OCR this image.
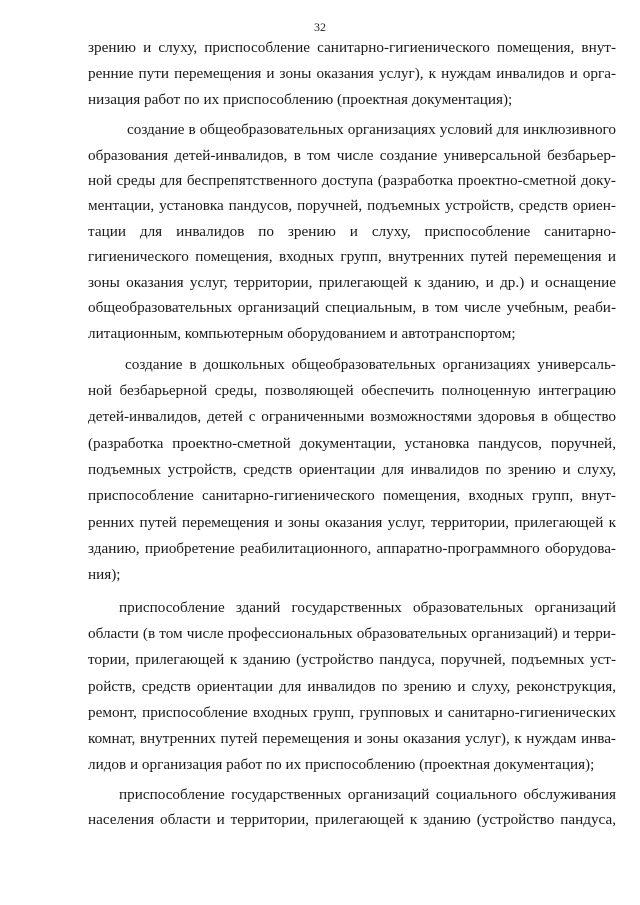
32
зрению и слуху, приспособление санитарно-гигиенического помещения, внут-
ренние пути перемещения и зоны оказания услуг), к нуждам инвалидов и орга-
низация работ по их приспособлению (проектная документация);
создание в общеобразовательных организациях условий для инклюзивного
образования детей-инвалидов, в том числе создание универсальной безбарьер-
ной среды для беспрепятственного доступа (разработка проектно-сметной доку-
ментации, установка пандусов, поручней, подъемных устройств, средств ориен-
тации для инвалидов по зрению и слуху, приспособление санитарно-
гигиенического помещения, входных групп, внутренних путей перемещения и
зоны оказания услуг, территории, прилегающей к зданию, и др.) и оснащение
общеобразовательных организаций специальным, в том числе учебным, реаби-
литационным, компьютерным оборудованием и автотранспортом;
создание в дошкольных общеобразовательных организациях универсаль-
ной безбарьерной среды, позволяющей обеспечить полноценную интеграцию
детей-инвалидов, детей с ограниченными возможностями здоровья в общество
(разработка проектно-сметной документации, установка пандусов, поручней,
подъемных устройств, средств ориентации для инвалидов по зрению и слуху,
приспособление санитарно-гигиенического помещения, входных групп, внут-
ренних путей перемещения и зоны оказания услуг, территории, прилегающей к
зданию, приобретение реабилитационного, аппаратно-программного оборудова-
ния);
приспособление зданий государственных образовательных организаций
области (в том числе профессиональных образовательных организаций) и терри-
тории, прилегающей к зданию (устройство пандуса, поручней, подъемных уст-
ройств, средств ориентации для инвалидов по зрению и слуху, реконструкция,
ремонт, приспособление входных групп, групповых и санитарно-гигиенических
комнат, внутренних путей перемещения и зоны оказания услуг), к нуждам инва-
лидов и организация работ по их приспособлению (проектная документация);
приспособление государственных организаций социального обслуживания
населения области и территории, прилегающей к зданию (устройство пандуса,
